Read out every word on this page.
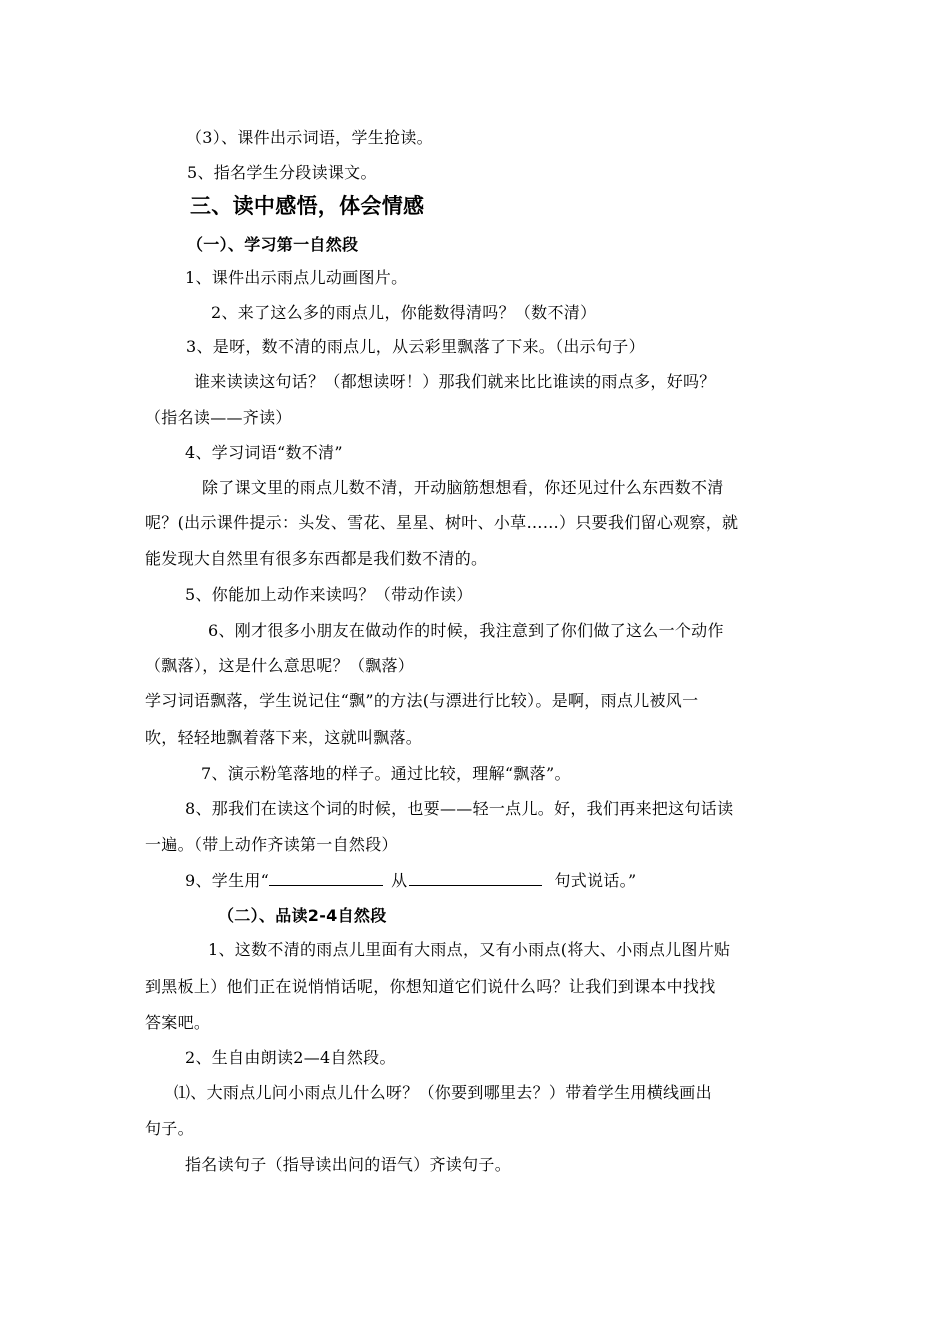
（3）、课件出示词语，学生抢读。
5、指名学生分段读课文。
三、读中感悟，体会情感
（一）、学习第一自然段
1、课件出示雨点儿动画图片。
2、来了这么多的雨点儿，你能数得清吗？（数不清）
3、是呀，数不清的雨点儿，从云彩里飘落了下来。（出示句子）
谁来读读这句话？（都想读呀！）那我们就来比比谁读的雨点多，好吗？
（指名读——齐读）
4、学习词语“数不清”
除了课文里的雨点儿数不清，开动脑筋想想看，你还见过什么东西数不清
呢？(出示课件提示：头发、雪花、星星、树叶、小草……）只要我们留心观察，就
能发现大自然里有很多东西都是我们数不清的。
5、你能加上动作来读吗？（带动作读）
6、刚才很多小朋友在做动作的时候，我注意到了你们做了这么一个动作
（飘落），这是什么意思呢？（飘落）
学习词语飘落，学生说记住“飘”的方法(与漂进行比较）。是啊，雨点儿被风一
吹，轻轻地飘着落下来，这就叫飘落。
7、演示粉笔落地的样子。通过比较，理解“飘落”。
8、那我们在读这个词的时候，也要——轻一点儿。好，我们再来把这句话读
一遍。（带上动作齐读第一自然段）
9、学生用“	从	句式说话。”
（二）、品读2-4自然段
1、这数不清的雨点儿里面有大雨点，又有小雨点(将大、小雨点儿图片贴
到黑板上）他们正在说悄悄话呢，你想知道它们说什么吗？让我们到课本中找找
答案吧。
2、生自由朗读2—4自然段。
⑴、大雨点儿问小雨点儿什么呀？（你要到哪里去？）带着学生用横线画出
句子。
指名读句子（指导读出问的语气）齐读句子。
